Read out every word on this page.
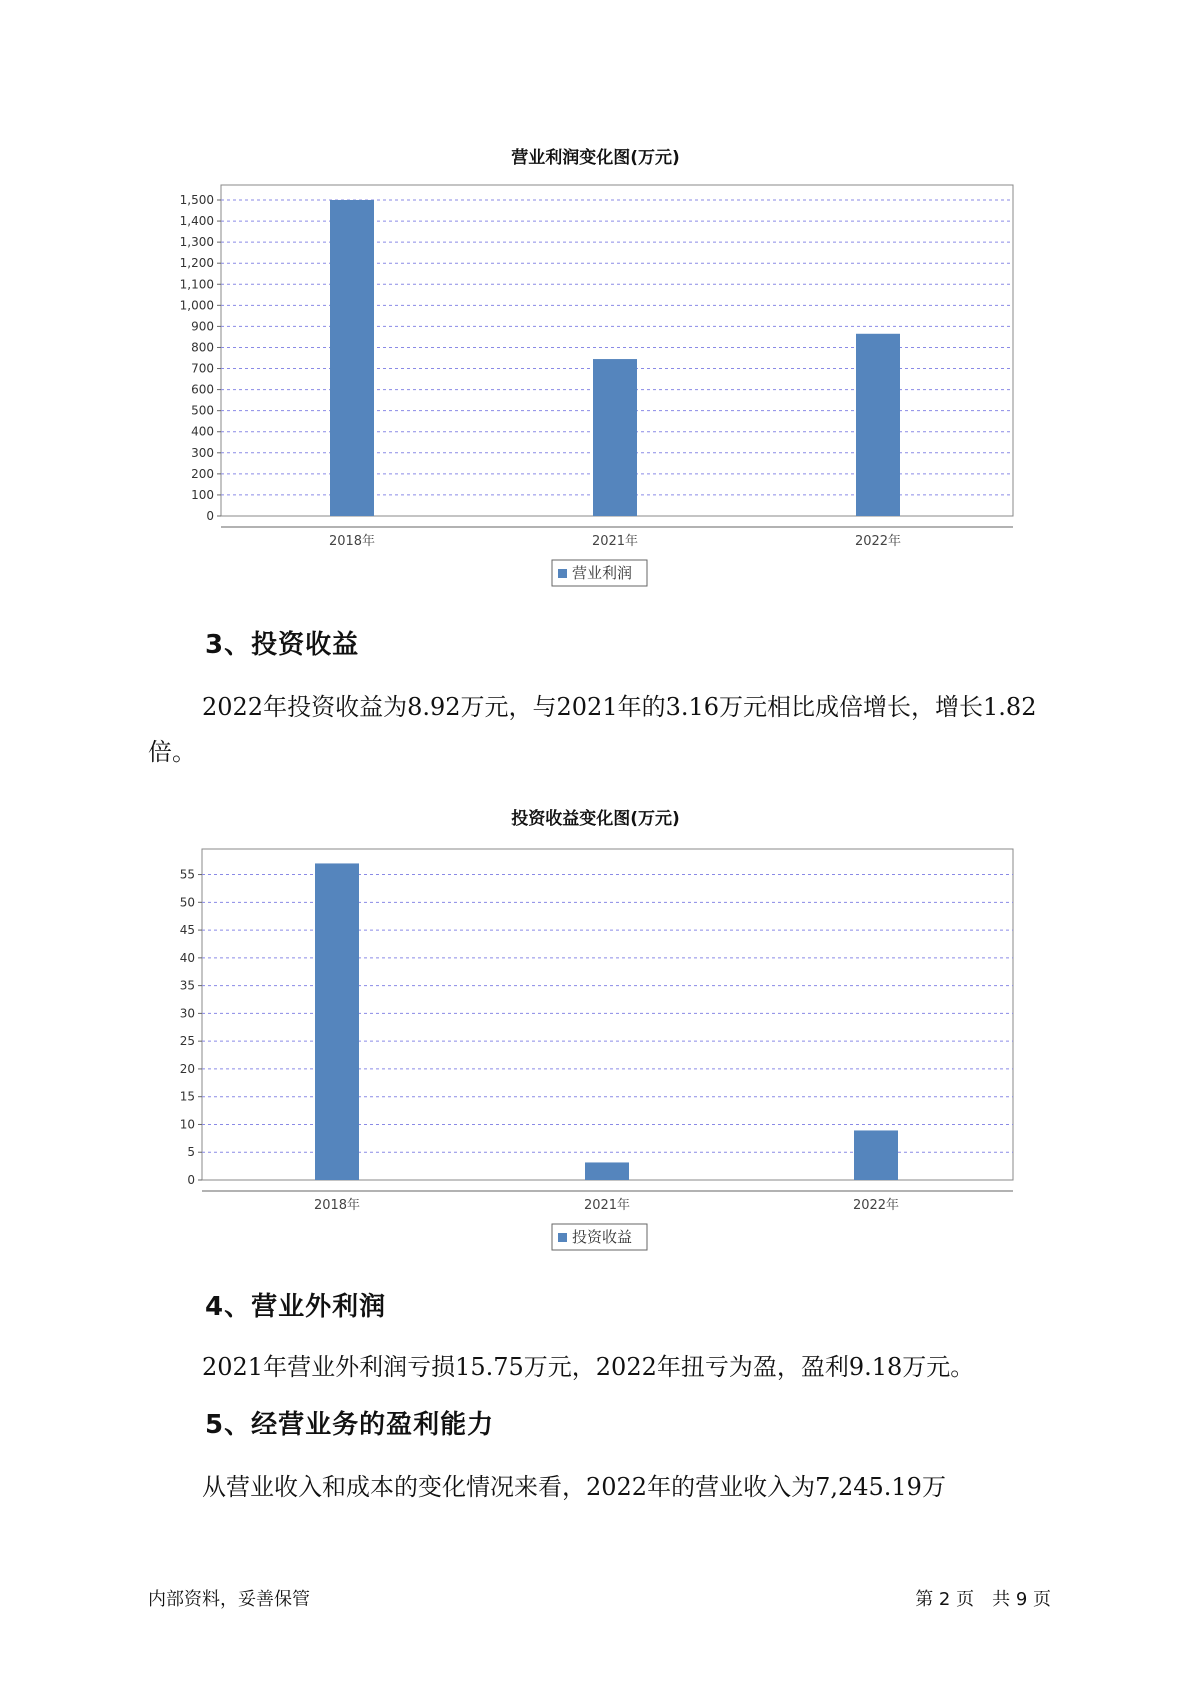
营业利润变化图(万元)
0
100
200
300
400
500
600
700
800
900
1,000
1,100
1,200
1,300
1,400
1,500
2018年	2021年	2022年
营业利润
3、投资收益
2022年投资收益为8.92万元，与2021年的3.16万元相比成倍增长，增长1.82倍。
投资收益变化图(万元)
0
5
10
15
20
25
30
35
40
45
50
55
2018年	2021年	2022年
投资收益
4、营业外利润
2021年营业外利润亏损15.75万元，2022年扭亏为盈，盈利9.18万元。
5、经营业务的盈利能力
从营业收入和成本的变化情况来看，2022年的营业收入为7,245.19万
内部资料，妥善保管	第 2 页　共 9 页
